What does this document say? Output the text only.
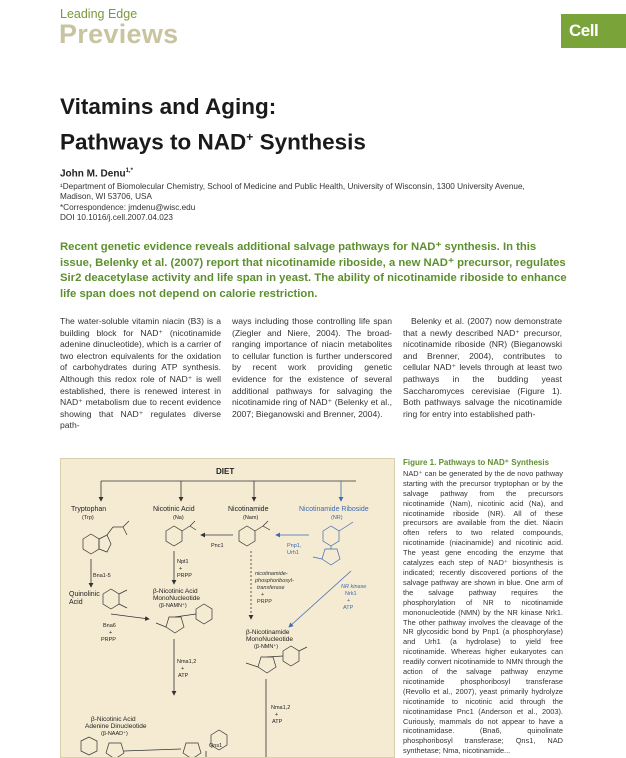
Leading Edge
Previews	Cell
Vitamins and Aging:
Pathways to NAD+ Synthesis
John M. Denu$^{1,*}$
¹Department of Biomolecular Chemistry, School of Medicine and Public Health, University of Wisconsin, 1300 University Avenue, Madison, WI 53706, USA
*Correspondence: jmdenu@wisc.edu
DOI 10.1016/j.cell.2007.04.023
Recent genetic evidence reveals additional salvage pathways for NAD⁺ synthesis. In this issue, Belenky et al. (2007) report that nicotinamide riboside, a new NAD⁺ precursor, regulates Sir2 deacetylase activity and life span in yeast. The ability of nicotinamide riboside to enhance life span does not depend on calorie restriction.
The water-soluble vitamin niacin (B3) is a building block for NAD⁺ (nicotinamide adenine dinucleotide), which is a carrier of two electron equivalents for the oxidation of carbohydrates during ATP synthesis. Although this redox role of NAD⁺ is well established, there is renewed interest in NAD⁺ metabolism due to recent evidence showing that NAD⁺ regulates diverse path-
ways including those controlling life span (Ziegler and Niere, 2004). The broad-ranging importance of niacin metabolites to cellular function is further underscored by recent work providing genetic evidence for the existence of several additional pathways for salvaging the nicotinamide ring of NAD⁺ (Belenky et al., 2007; Bieganowski and Brenner, 2004).
Belenky et al. (2007) now demonstrate that a newly described NAD⁺ precursor, nicotinamide riboside (NR) (Bieganowski and Brenner, 2004), contributes to cellular NAD⁺ levels through at least two pathways in the budding yeast Saccharomyces cerevisiae (Figure 1). Both pathways salvage the nicotinamide ring for entry into established path-
DIET
Tryptophan
(Trp)
Nicotinic Acid
(Na)
Nicotinamide
(Nam)
Nicotinamide Riboside
(NR)
Pnc1	Pnp1,
Urh1
Npt1
+
PRPP
Bna1-5
Quinolinic
Acid
Bna6
+
PRPP
β-Nicotinic Acid
MonoNucleotide
(β-NAMN⁺)
nicotinamide-
phosphoribosyl-
transferase
+
PRPP
NR kinase
Nrk1
+
ATP
Nma1,2
+
ATP
β-Nicotinamide
MonoNucleotide
(β-NMN⁺)
β-Nicotinic Acid
Adenine Dinucleotide
(β-NAAD⁺)
Nma1,2
+
ATP
Qns1
Figure 1. Pathways to NAD⁺ Synthesis
NAD⁺ can be generated by the de novo pathway starting with the precursor tryptophan or by the salvage pathway from the precursors nicotinamide (Nam), nicotinic acid (Na), and nicotinamide riboside (NR). All of these precursors are available from the diet. Niacin often refers to two related compounds, nicotinamide (niacinamide) and nicotinic acid. The yeast gene encoding the enzyme that catalyzes each step of NAD⁺ biosynthesis is indicated; recently discovered portions of the salvage pathway are shown in blue. One arm of the salvage pathway requires the phosphorylation of NR to nicotinamide mononucleotide (NMN) by the NR kinase Nrk1. The other pathway involves the cleavage of the NR glycosidic bond by Pnp1 (a phosphorylase) and Urh1 (a hydrolase) to yield free nicotinamide. Whereas higher eukaryotes can readily convert nicotinamide to NMN through the action of the salvage pathway enzyme nicotinamide phosphoribosyl transferase (Revollo et al., 2007), yeast primarily hydrolyze nicotinamide to nicotinic acid through the nicotinamidase Pnc1 (Anderson et al., 2003). Curiously, mammals do not appear to have a nicotinamidase. (Bna6, quinolinate phosphoribosyl transferase; Qns1, NAD synthetase; Nma, nicotinamide...
